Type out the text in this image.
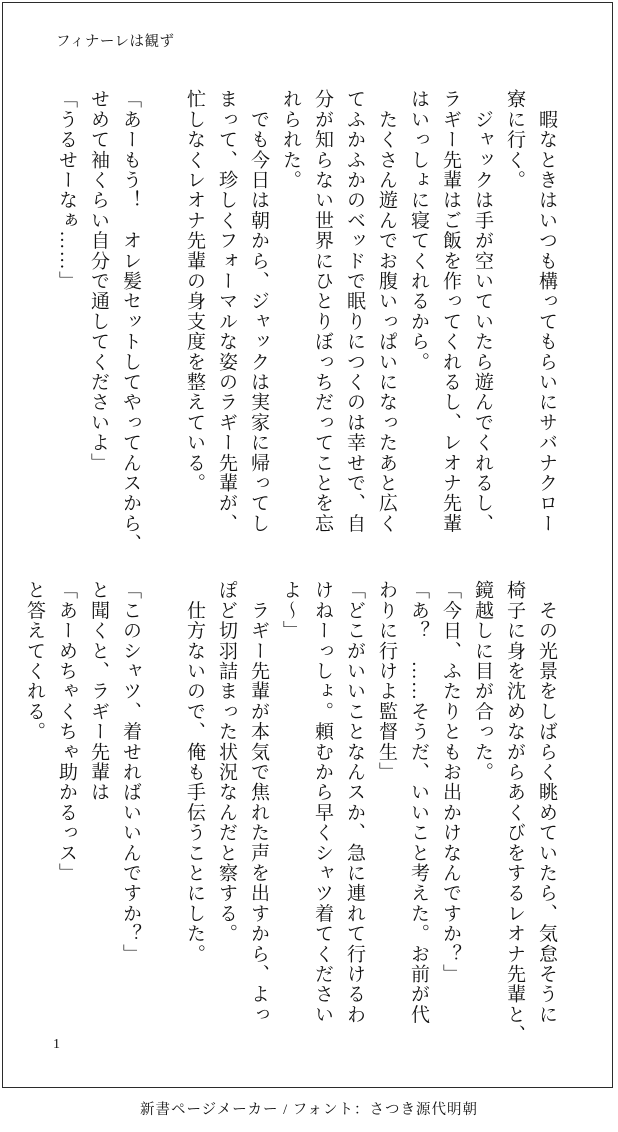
フィナーレは観ず

　暇なときはいつも構ってもらいにサバナクロー

寮に行く。

　ジャックは手が空いていたら遊んでくれるし、

ラギー先輩はご飯を作ってくれるし、レオナ先輩

はいっしょに寝てくれるから。

　たくさん遊んでお腹いっぱいになったあと広く

てふかふかのベッドで眠りにつくのは幸せで、自

分が知らない世界にひとりぼっちだってことを忘

れられた。

　でも今日は朝から、ジャックは実家に帰ってし

まって、珍しくフォーマルな姿のラギー先輩が、

忙しなくレオナ先輩の身支度を整えている。

「あーもう！　オレ髪セットしてやってんスから、

せめて袖くらい自分で通してくださいよ」

「うるせーなぁ……」

　その光景をしばらく眺めていたら、気怠そうに

椅子に身を沈めながらあくびをするレオナ先輩と、

鏡越しに目が合った。

「今日、ふたりともお出かけなんですか？」

「あ？　……そうだ、いいこと考えた。お前が代

わりに行けよ監督生」

「どこがいいことなんスか、急に連れて行けるわ

けねーっしょ。頼むから早くシャツ着てください

よ〜」

　ラギー先輩が本気で焦れた声を出すから、よっ

ぽど切羽詰まった状況なんだと察する。

　仕方ないので、俺も手伝うことにした。

「このシャツ、着せればいいんですか？」

と聞くと、ラギー先輩は

「あーめちゃくちゃ助かるっス」

と答えてくれる。

1
新書ページメーカー / フォント：さつき源代明朝
